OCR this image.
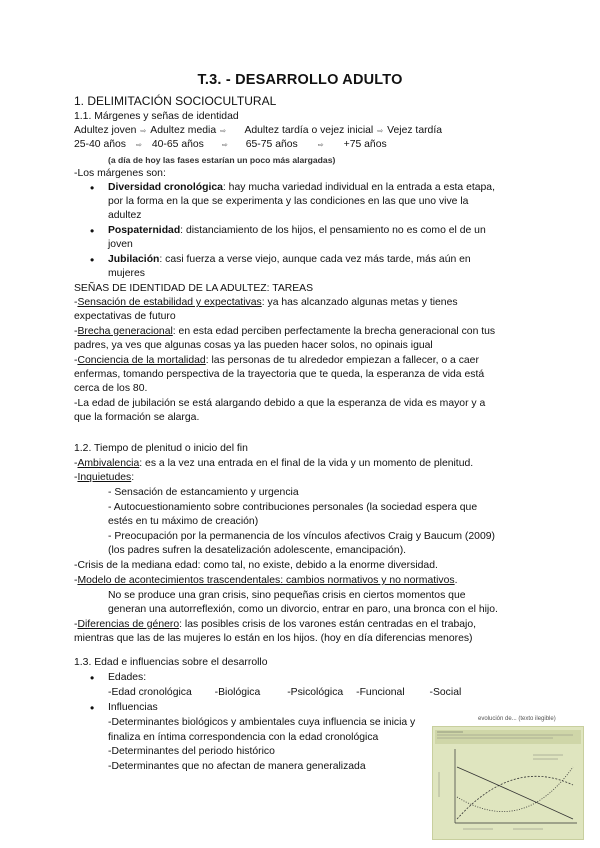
T.3. - DESARROLLO ADULTO
1. DELIMITACIÓN SOCIOCULTURAL
1.1. Márgenes y señas de identidad
Adultez joven ⇨ Adultez media ⇨ Adultez tardía o vejez inicial ⇨ Vejez tardía
25-40 años ⇨ 40-65 años	⇨ 65-75 años	⇨ +75 años
(a día de hoy las fases estarían un poco más alargadas)
-Los márgenes son:
• Diversidad cronológica: hay mucha variedad individual en la entrada a esta etapa,
por la forma en la que se experimenta y las condiciones en las que uno vive la
adultez
• Pospaternidad: distanciamiento de los hijos, el pensamiento no es como el de un
joven
• Jubilación: casi fuerza a verse viejo, aunque cada vez más tarde, más aún en
mujeres
SEÑAS DE IDENTIDAD DE LA ADULTEZ: TAREAS
-Sensación de estabilidad y expectativas: ya has alcanzado algunas metas y tienes
expectativas de futuro
-Brecha generacional: en esta edad perciben perfectamente la brecha generacional con tus
padres, ya ves que algunas cosas ya las pueden hacer solos, no opinais igual
-Conciencia de la mortalidad: las personas de tu alrededor empiezan a fallecer, o a caer
enfermas, tomando perspectiva de la trayectoria que te queda, la esperanza de vida está
cerca de los 80.
-La edad de jubilación se está alargando debido a que la esperanza de vida es mayor y a
que la formación se alarga.
1.2. Tiempo de plenitud o inicio del fin
-Ambivalencia: es a la vez una entrada en el final de la vida y un momento de plenitud.
-Inquietudes:
- Sensación de estancamiento y urgencia
- Autocuestionamiento sobre contribuciones personales (la sociedad espera que
estés en tu máximo de creación)
- Preocupación por la permanencia de los vínculos afectivos Craig y Baucum (2009)
(los padres sufren la desatelización adolescente, emancipación).
-Crisis de la mediana edad: como tal, no existe, debido a la enorme diversidad.
-Modelo de acontecimientos trascendentales: cambios normativos y no normativos.
No se produce una gran crisis, sino pequeñas crisis en ciertos momentos que
generan una autorreflexión, como un divorcio, entrar en paro, una bronca con el hijo.
-Diferencias de género: las posibles crisis de los varones están centradas en el trabajo,
mientras que las de las mujeres lo están en los hijos. (hoy en día diferencias menores)
1.3. Edad e influencias sobre el desarrollo
• Edades:
-Edad cronológica -Biológica	-Psicológica -Funcional -Social
• Influencias
-Determinantes biológicos y ambientales cuya influencia se inicia y
finaliza en íntima correspondencia con la edad cronológica
-Determinantes del periodo histórico
-Determinantes que no afectan de manera generalizada
evolución de... (texto ilegible)
